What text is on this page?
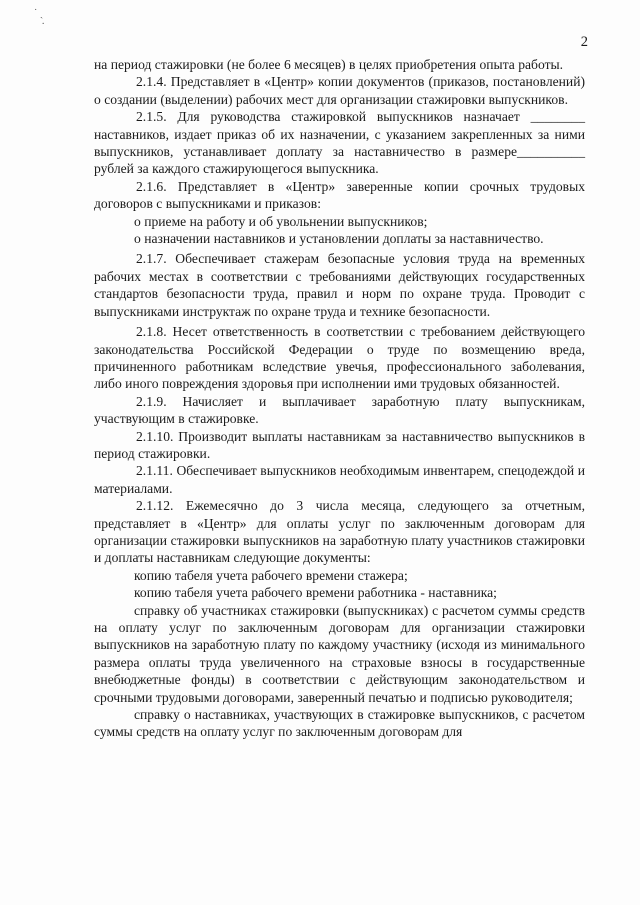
˙ ˏ
·
2

на период стажировки (не более 6 месяцев) в целях приобретения опыта работы.

2.1.4. Представляет в «Центр» копии документов (приказов, постановлений) о создании (выделении) рабочих мест для организации стажировки выпускников.

2.1.5. Для руководства стажировкой выпускников назначает ________ наставников, издает приказ об их назначении, с указанием закрепленных за ними выпускников, устанавливает доплату за наставничество в размере__________ рублей за каждого стажирующегося выпускника.

2.1.6. Представляет в «Центр» заверенные копии срочных трудовых договоров с выпускниками и приказов:

о приеме на работу и об увольнении выпускников;

о назначении наставников и установлении доплаты за наставничество.

2.1.7. Обеспечивает стажерам безопасные условия труда на временных рабочих местах в соответствии с требованиями действующих государственных стандартов безопасности труда, правил и норм по охране труда. Проводит с выпускниками инструктаж по охране труда и технике безопасности.

2.1.8. Несет ответственность в соответствии с требованием действующего законодательства Российской Федерации о труде по возмещению вреда, причиненного работникам вследствие увечья, профессионального заболевания, либо иного повреждения здоровья при исполнении ими трудовых обязанностей.

2.1.9. Начисляет и выплачивает заработную плату выпускникам, участвующим в стажировке.

2.1.10. Производит выплаты наставникам за наставничество выпускников в период стажировки.

2.1.11. Обеспечивает выпускников необходимым инвентарем, спецодеждой и материалами.

2.1.12. Ежемесячно до 3 числа месяца, следующего за отчетным, представляет в «Центр» для оплаты услуг по заключенным договорам для организации стажировки выпускников на заработную плату участников стажировки и доплаты наставникам следующие документы:

копию табеля учета рабочего времени стажера;

копию табеля учета рабочего времени работника - наставника;

справку об участниках стажировки (выпускниках) с расчетом суммы средств на оплату услуг по заключенным договорам для организации стажировки выпускников на заработную плату по каждому участнику (исходя из минимального размера оплаты труда увеличенного на страховые взносы в государственные внебюджетные фонды) в соответствии с действующим законодательством и срочными трудовыми договорами, заверенный печатью и подписью руководителя;

справку о наставниках, участвующих в стажировке выпускников, с расчетом суммы средств на оплату услуг по заключенным договорам для
